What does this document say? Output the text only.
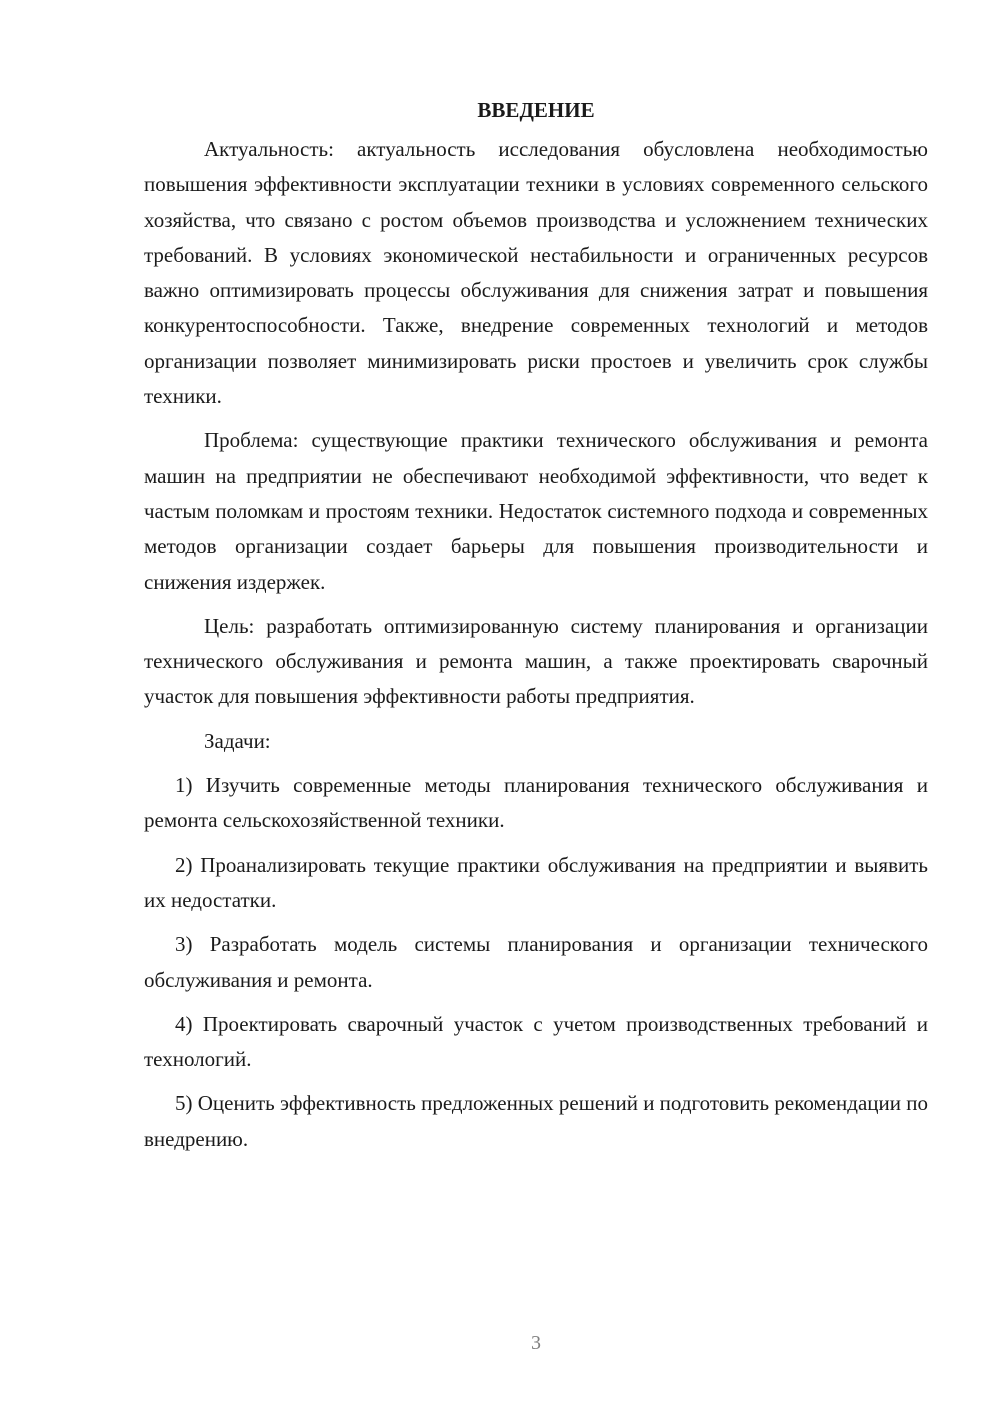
ВВЕДЕНИЕ

Актуальность: актуальность исследования обусловлена необходимостью повышения эффективности эксплуатации техники в условиях современного сельского хозяйства, что связано с ростом объемов производства и усложнением технических требований. В условиях экономической нестабильности и ограниченных ресурсов важно оптимизировать процессы обслуживания для снижения затрат и повышения конкурентоспособности. Также, внедрение современных технологий и методов организации позволяет минимизировать риски простоев и увеличить срок службы техники.

Проблема: существующие практики технического обслуживания и ремонта машин на предприятии не обеспечивают необходимой эффективности, что ведет к частым поломкам и простоям техники. Недостаток системного подхода и современных методов организации создает барьеры для повышения производительности и снижения издержек.

Цель: разработать оптимизированную систему планирования и организации технического обслуживания и ремонта машин, а также проектировать сварочный участок для повышения эффективности работы предприятия.

Задачи:

1) Изучить современные методы планирования технического обслуживания и ремонта сельскохозяйственной техники.

2) Проанализировать текущие практики обслуживания на предприятии и выявить их недостатки.

3) Разработать модель системы планирования и организации технического обслуживания и ремонта.

4) Проектировать сварочный участок с учетом производственных требований и технологий.

5) Оценить эффективность предложенных решений и подготовить рекомендации по внедрению.

3
